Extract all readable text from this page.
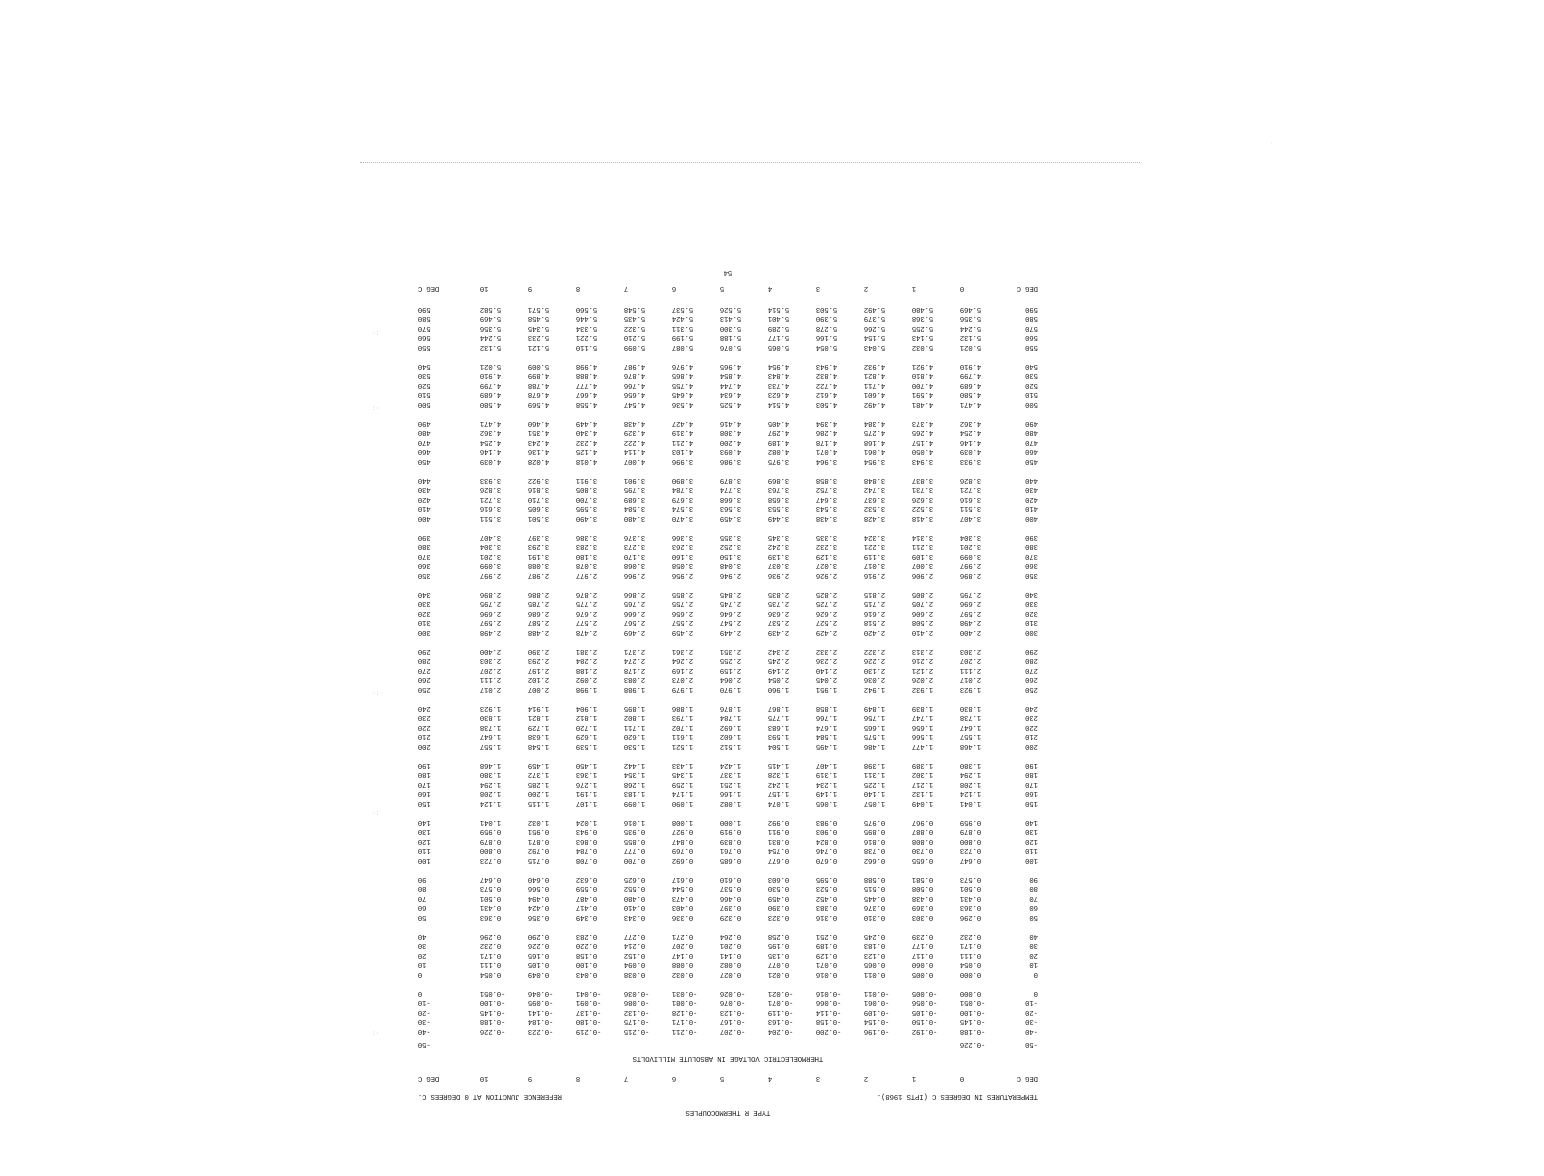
·:
:·
·:·
·:
:·
·
TYPE R THERMOCOUPLES
TEMPERATURES IN DEGREES C (IPTS 1968).
REFERENCE JUNCTION AT 0 DEGREES C.
DEG C
0
1
2
3
4
5
6
7
8
9
10
DEG C
THERMOELECTRIC VOLTAGE IN ABSOLUTE MILLIVOLTS
-50
-0.226
-50
-40
-0.188
-0.192
-0.196
-0.200
-0.204
-0.207
-0.211
-0.215
-0.219
-0.223
-0.226
-40
-30
-0.145
-0.150
-0.154
-0.158
-0.163
-0.167
-0.171
-0.175
-0.180
-0.184
-0.188
-30
-20
-0.100
-0.105
-0.109
-0.114
-0.119
-0.123
-0.128
-0.132
-0.137
-0.141
-0.145
-20
-10
-0.051
-0.056
-0.061
-0.066
-0.071
-0.076
-0.081
-0.086
-0.091
-0.095
-0.100
-10
0
0.000
-0.005
-0.011
-0.016
-0.021
-0.026
-0.031
-0.036
-0.041
-0.046
-0.051
0
0
0.000
0.005
0.011
0.016
0.021
0.027
0.032
0.038
0.043
0.049
0.054
0
10
0.054
0.060
0.065
0.071
0.077
0.082
0.088
0.094
0.100
0.105
0.111
10
20
0.111
0.117
0.123
0.129
0.135
0.141
0.147
0.152
0.158
0.165
0.171
20
30
0.171
0.177
0.183
0.189
0.195
0.201
0.207
0.214
0.220
0.226
0.232
30
40
0.232
0.239
0.245
0.251
0.258
0.264
0.271
0.277
0.283
0.290
0.296
40
50
0.296
0.303
0.310
0.316
0.323
0.329
0.336
0.343
0.349
0.356
0.363
50
60
0.363
0.369
0.376
0.383
0.390
0.397
0.403
0.410
0.417
0.424
0.431
60
70
0.431
0.438
0.445
0.452
0.459
0.466
0.473
0.480
0.487
0.494
0.501
70
80
0.501
0.508
0.515
0.523
0.530
0.537
0.544
0.552
0.559
0.566
0.573
80
90
0.573
0.581
0.588
0.595
0.603
0.610
0.617
0.625
0.632
0.640
0.647
90
100
0.647
0.655
0.662
0.670
0.677
0.685
0.692
0.700
0.708
0.715
0.723
100
110
0.723
0.730
0.738
0.746
0.754
0.761
0.769
0.777
0.784
0.792
0.800
110
120
0.800
0.808
0.816
0.824
0.831
0.839
0.847
0.855
0.863
0.871
0.879
120
130
0.879
0.887
0.895
0.903
0.911
0.919
0.927
0.935
0.943
0.951
0.959
130
140
0.959
0.967
0.975
0.983
0.992
1.000
1.008
1.016
1.024
1.032
1.041
140
150
1.041
1.049
1.057
1.065
1.074
1.082
1.090
1.099
1.107
1.115
1.124
150
160
1.124
1.132
1.140
1.149
1.157
1.166
1.174
1.183
1.191
1.200
1.208
160
170
1.208
1.217
1.225
1.234
1.242
1.251
1.259
1.268
1.276
1.285
1.294
170
180
1.294
1.302
1.311
1.319
1.328
1.337
1.345
1.354
1.363
1.372
1.380
180
190
1.380
1.389
1.398
1.407
1.415
1.424
1.433
1.442
1.450
1.459
1.468
190
200
1.468
1.477
1.486
1.495
1.504
1.512
1.521
1.530
1.539
1.548
1.557
200
210
1.557
1.566
1.575
1.584
1.593
1.602
1.611
1.620
1.629
1.638
1.647
210
220
1.647
1.656
1.665
1.674
1.683
1.692
1.702
1.711
1.720
1.729
1.738
220
230
1.738
1.747
1.756
1.766
1.775
1.784
1.793
1.802
1.812
1.821
1.830
230
240
1.830
1.839
1.849
1.858
1.867
1.876
1.886
1.895
1.904
1.914
1.923
240
250
1.923
1.932
1.942
1.951
1.960
1.970
1.979
1.988
1.998
2.007
2.017
250
260
2.017
2.026
2.036
2.045
2.054
2.064
2.073
2.083
2.092
2.102
2.111
260
270
2.111
2.121
2.130
2.140
2.149
2.159
2.169
2.178
2.188
2.197
2.207
270
280
2.207
2.216
2.226
2.236
2.245
2.255
2.264
2.274
2.284
2.293
2.303
280
290
2.303
2.313
2.322
2.332
2.342
2.351
2.361
2.371
2.381
2.390
2.400
290
300
2.400
2.410
2.420
2.429
2.439
2.449
2.459
2.469
2.478
2.488
2.498
300
310
2.498
2.508
2.518
2.527
2.537
2.547
2.557
2.567
2.577
2.587
2.597
310
320
2.597
2.606
2.616
2.626
2.636
2.646
2.656
2.666
2.676
2.686
2.696
320
330
2.696
2.705
2.715
2.725
2.735
2.745
2.755
2.765
2.775
2.785
2.795
330
340
2.795
2.805
2.815
2.825
2.835
2.845
2.855
2.866
2.876
2.886
2.896
340
350
2.896
2.906
2.916
2.926
2.936
2.946
2.956
2.966
2.977
2.987
2.997
350
360
2.997
3.007
3.017
3.027
3.037
3.048
3.058
3.068
3.078
3.088
3.099
360
370
3.099
3.109
3.119
3.129
3.139
3.150
3.160
3.170
3.180
3.191
3.201
370
380
3.201
3.211
3.221
3.232
3.242
3.252
3.263
3.273
3.283
3.293
3.304
380
390
3.304
3.314
3.324
3.335
3.345
3.355
3.366
3.376
3.386
3.397
3.407
390
400
3.407
3.418
3.428
3.438
3.449
3.459
3.470
3.480
3.490
3.501
3.511
400
410
3.511
3.522
3.532
3.543
3.553
3.563
3.574
3.584
3.595
3.605
3.616
410
420
3.616
3.626
3.637
3.647
3.658
3.668
3.679
3.689
3.700
3.710
3.721
420
430
3.721
3.731
3.742
3.752
3.763
3.774
3.784
3.795
3.805
3.816
3.826
430
440
3.826
3.837
3.848
3.858
3.869
3.879
3.890
3.901
3.911
3.922
3.933
440
450
3.933
3.943
3.954
3.964
3.975
3.986
3.996
4.007
4.018
4.028
4.039
450
460
4.039
4.050
4.061
4.071
4.082
4.093
4.103
4.114
4.125
4.136
4.146
460
470
4.146
4.157
4.168
4.178
4.189
4.200
4.211
4.222
4.232
4.243
4.254
470
480
4.254
4.265
4.275
4.286
4.297
4.308
4.319
4.329
4.340
4.351
4.362
480
490
4.362
4.373
4.384
4.394
4.405
4.416
4.427
4.438
4.449
4.460
4.471
490
500
4.471
4.481
4.492
4.503
4.514
4.525
4.536
4.547
4.558
4.569
4.580
500
510
4.580
4.591
4.601
4.612
4.623
4.634
4.645
4.656
4.667
4.678
4.689
510
520
4.689
4.700
4.711
4.722
4.733
4.744
4.755
4.766
4.777
4.788
4.799
520
530
4.799
4.810
4.821
4.832
4.843
4.854
4.865
4.876
4.888
4.899
4.910
530
540
4.910
4.921
4.932
4.943
4.954
4.965
4.976
4.987
4.998
5.009
5.021
540
550
5.021
5.032
5.043
5.054
5.065
5.076
5.087
5.099
5.110
5.121
5.132
550
560
5.132
5.143
5.154
5.166
5.177
5.188
5.199
5.210
5.221
5.233
5.244
560
570
5.244
5.255
5.266
5.278
5.289
5.300
5.311
5.322
5.334
5.345
5.356
570
580
5.356
5.368
5.379
5.390
5.401
5.413
5.424
5.435
5.446
5.458
5.469
580
590
5.469
5.480
5.492
5.503
5.514
5.526
5.537
5.548
5.560
5.571
5.582
590
DEG C
0
1
2
3
4
5
6
7
8
9
10
DEG C
54
